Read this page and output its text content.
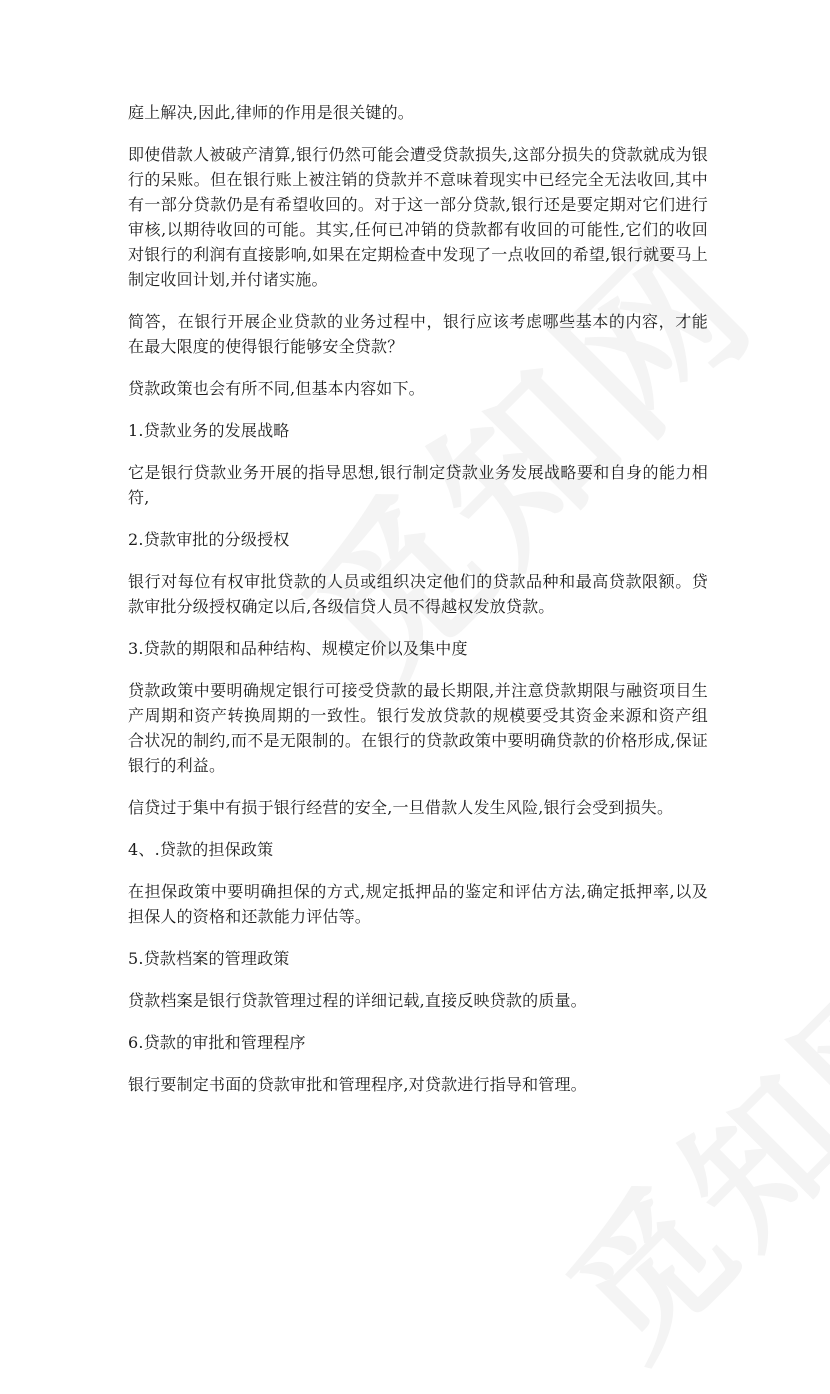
庭上解决,因此,律师的作用是很关键的。

即使借款人被破产清算,银行仍然可能会遭受贷款损失,这部分损失的贷款就成为银行的呆账。但在银行账上被注销的贷款并不意味着现实中已经完全无法收回,其中有一部分贷款仍是有希望收回的。对于这一部分贷款,银行还是要定期对它们进行审核,以期待收回的可能。其实,任何已冲销的贷款都有收回的可能性,它们的收回对银行的利润有直接影响,如果在定期检查中发现了一点收回的希望,银行就要马上制定收回计划,并付诸实施。

简答，在银行开展企业贷款的业务过程中，银行应该考虑哪些基本的内容，才能在最大限度的使得银行能够安全贷款？

贷款政策也会有所不同,但基本内容如下。

1.贷款业务的发展战略

它是银行贷款业务开展的指导思想,银行制定贷款业务发展战略要和自身的能力相符,

2.贷款审批的分级授权

银行对每位有权审批贷款的人员或组织决定他们的贷款品种和最高贷款限额。贷款审批分级授权确定以后,各级信贷人员不得越权发放贷款。

3.贷款的期限和品种结构、规模定价以及集中度

贷款政策中要明确规定银行可接受贷款的最长期限,并注意贷款期限与融资项目生产周期和资产转换周期的一致性。银行发放贷款的规模要受其资金来源和资产组合状况的制约,而不是无限制的。在银行的贷款政策中要明确贷款的价格形成,保证银行的利益。

信贷过于集中有损于银行经营的安全,一旦借款人发生风险,银行会受到损失。

4、.贷款的担保政策

在担保政策中要明确担保的方式,规定抵押品的鉴定和评估方法,确定抵押率,以及担保人的资格和还款能力评估等。

5.贷款档案的管理政策

贷款档案是银行贷款管理过程的详细记载,直接反映贷款的质量。

6.贷款的审批和管理程序

银行要制定书面的贷款审批和管理程序,对贷款进行指导和管理。
